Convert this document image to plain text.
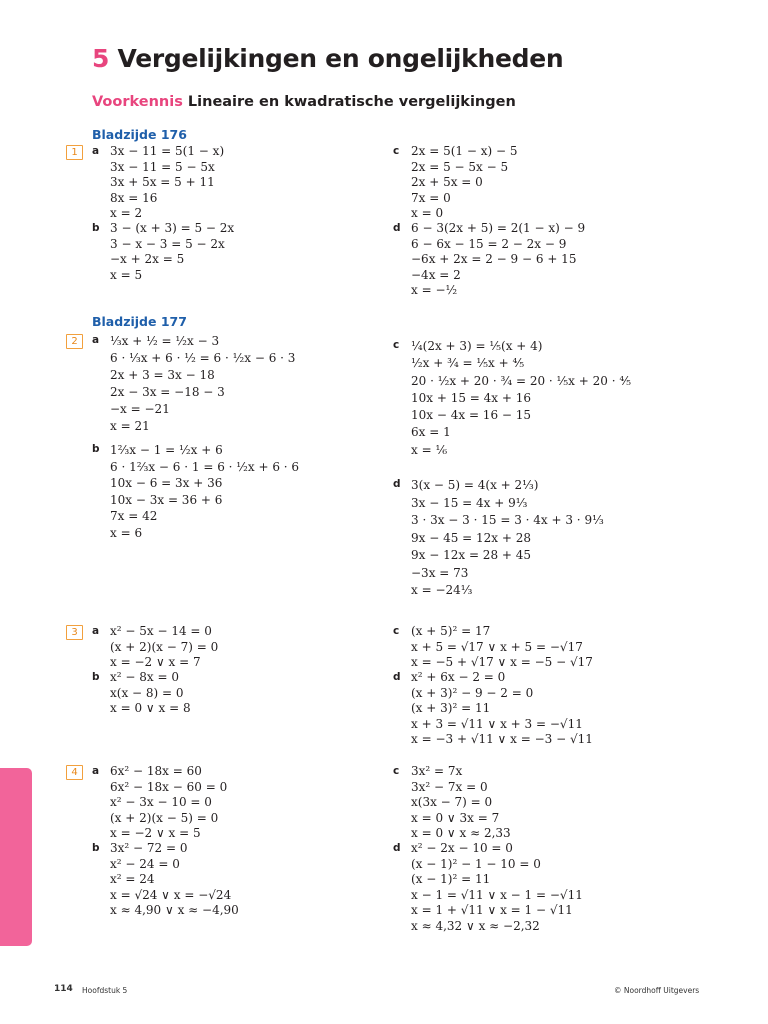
5 Vergelijkingen en ongelijkheden
Voorkennis Lineaire en kwadratische vergelijkingen
Bladzijde 176
Bladzijde 177
1	a 3x − 11 = 5(1 − x)
3x − 11 = 5 − 5x
3x + 5x = 5 + 11
8x = 16
x = 2
b 3 − (x + 3) = 5 − 2x
3 − x − 3 = 5 − 2x
−x + 2x = 5
x = 5
c 2x = 5(1 − x) − 5
2x = 5 − 5x − 5
2x + 5x = 0
7x = 0
x = 0
d 6 − 3(2x + 5) = 2(1 − x) − 9
6 − 6x − 15 = 2 − 2x − 9
−6x + 2x = 2 − 9 − 6 + 15
−4x = 2
x = −½
2	a ⅓x + ½ = ½x − 3
6 · ⅓x + 6 · ½ = 6 · ½x − 6 · 3
2x + 3 = 3x − 18
2x − 3x = −18 − 3
−x = −21
x = 21
b 1⅔x − 1 = ½x + 6
6 · 1⅔x − 6 · 1 = 6 · ½x + 6 · 6
10x − 6 = 3x + 36
10x − 3x = 36 + 6
7x = 42
x = 6
c ¼(2x + 3) = ⅕(x + 4)
½x + ¾ = ⅕x + ⅘
20 · ½x + 20 · ¾ = 20 · ⅕x + 20 · ⅘
10x + 15 = 4x + 16
10x − 4x = 16 − 15
6x = 1
x = ⅙
d 3(x − 5) = 4(x + 2⅓)
3x − 15 = 4x + 9⅓
3 · 3x − 3 · 15 = 3 · 4x + 3 · 9⅓
9x − 45 = 12x + 28
9x − 12x = 28 + 45
−3x = 73
x = −24⅓
3	a x² − 5x − 14 = 0
(x + 2)(x − 7) = 0
x = −2 ∨ x = 7
b x² − 8x = 0
x(x − 8) = 0
x = 0 ∨ x = 8
c (x + 5)² = 17
x + 5 = √17 ∨ x + 5 = −√17
x = −5 + √17 ∨ x = −5 − √17
d x² + 6x − 2 = 0
(x + 3)² − 9 − 2 = 0
(x + 3)² = 11
x + 3 = √11 ∨ x + 3 = −√11
x = −3 + √11 ∨ x = −3 − √11
4	a 6x² − 18x = 60
6x² − 18x − 60 = 0
x² − 3x − 10 = 0
(x + 2)(x − 5) = 0
x = −2 ∨ x = 5
b 3x² − 72 = 0
x² − 24 = 0
x² = 24
x = √24 ∨ x = −√24
x ≈ 4,90 ∨ x ≈ −4,90
c 3x² = 7x
3x² − 7x = 0
x(3x − 7) = 0
x = 0 ∨ 3x = 7
x = 0 ∨ x ≈ 2,33
d x² − 2x − 10 = 0
(x − 1)² − 1 − 10 = 0
(x − 1)² = 11
x − 1 = √11 ∨ x − 1 = −√11
x = 1 + √11 ∨ x = 1 − √11
x ≈ 4,32 ∨ x ≈ −2,32
114 Hoofdstuk 5	© Noordhoff Uitgevers
